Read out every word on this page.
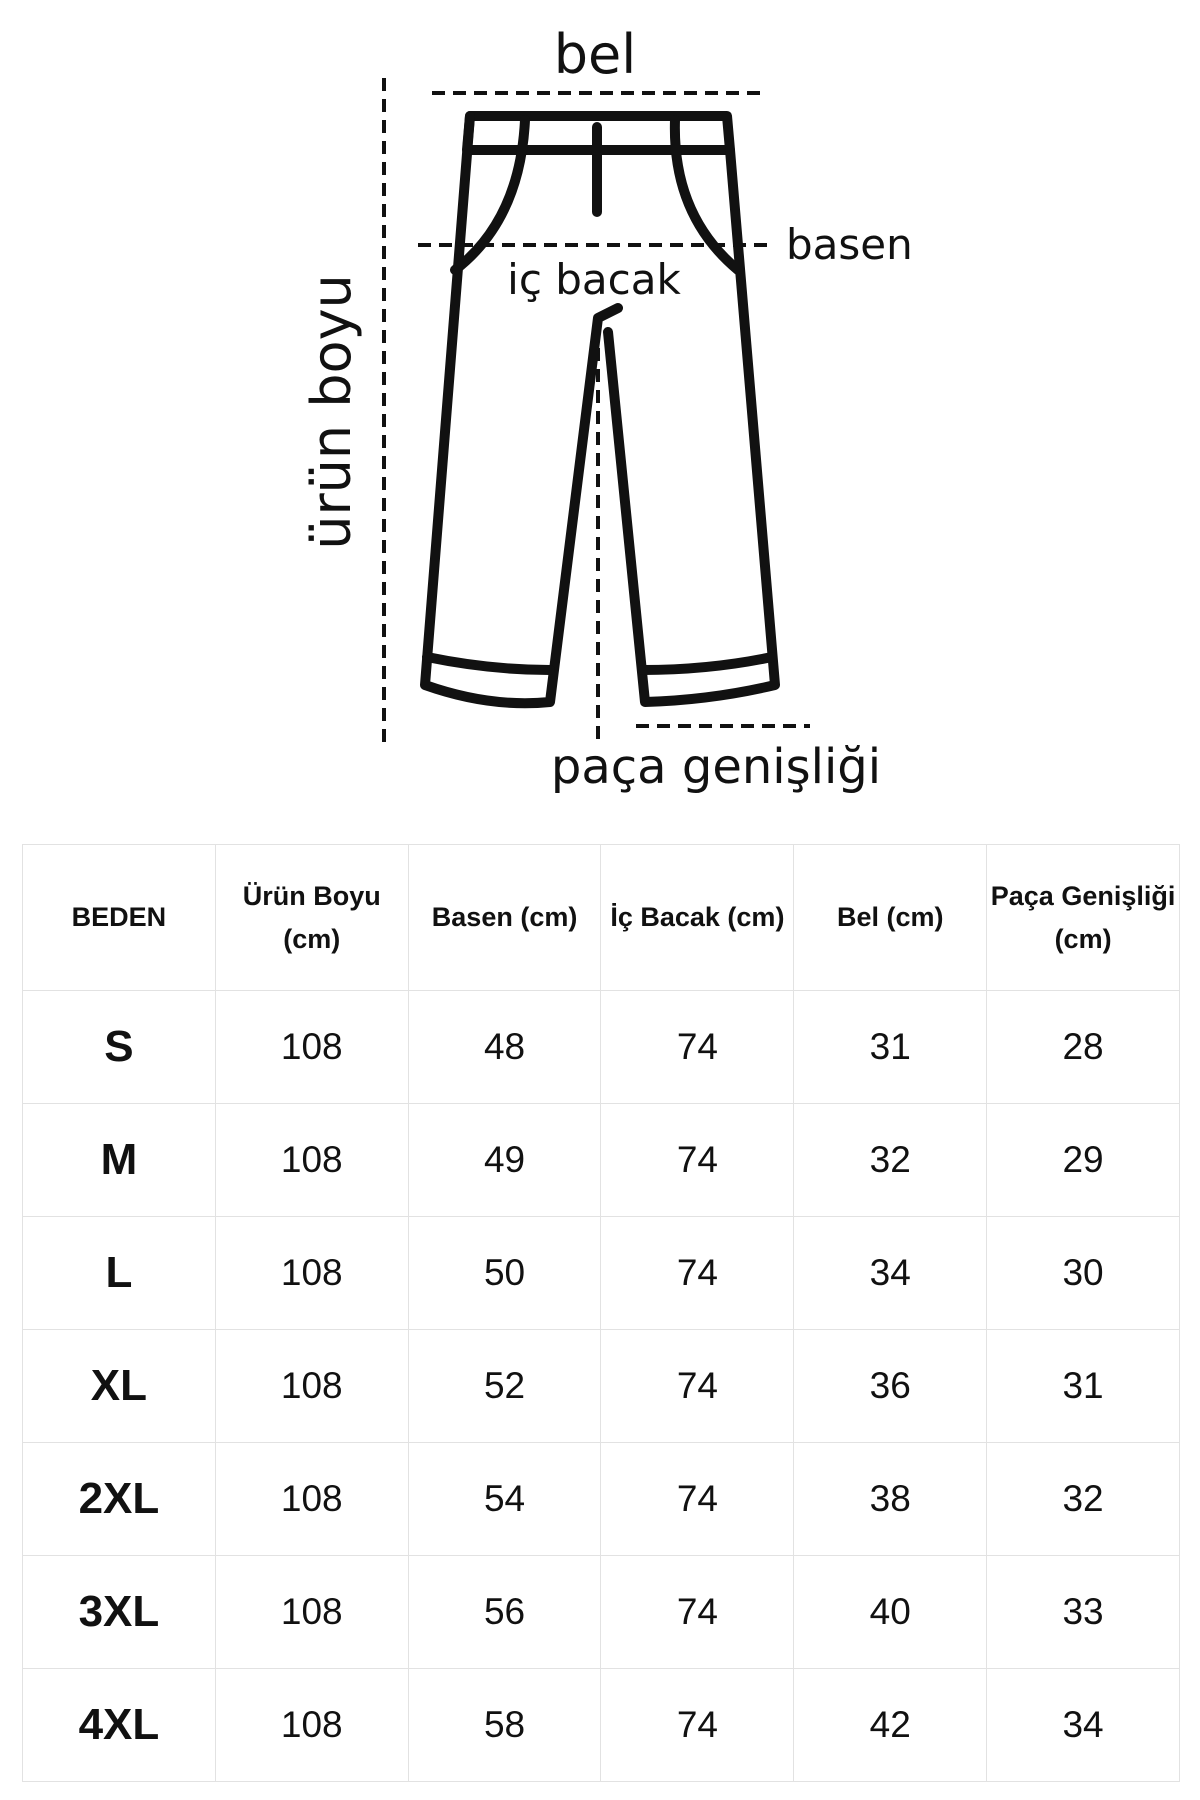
bel
basen
iç bacak
ürün boyu
paça genişliği
BEDEN	Ürün Boyu (cm)	Basen (cm)	İç Bacak (cm)	Bel (cm)	Paça Genişliği (cm)
S	108	48	74	31	28
M	108	49	74	32	29
L	108	50	74	34	30
XL	108	52	74	36	31
2XL	108	54	74	38	32
3XL	108	56	74	40	33
4XL	108	58	74	42	34
